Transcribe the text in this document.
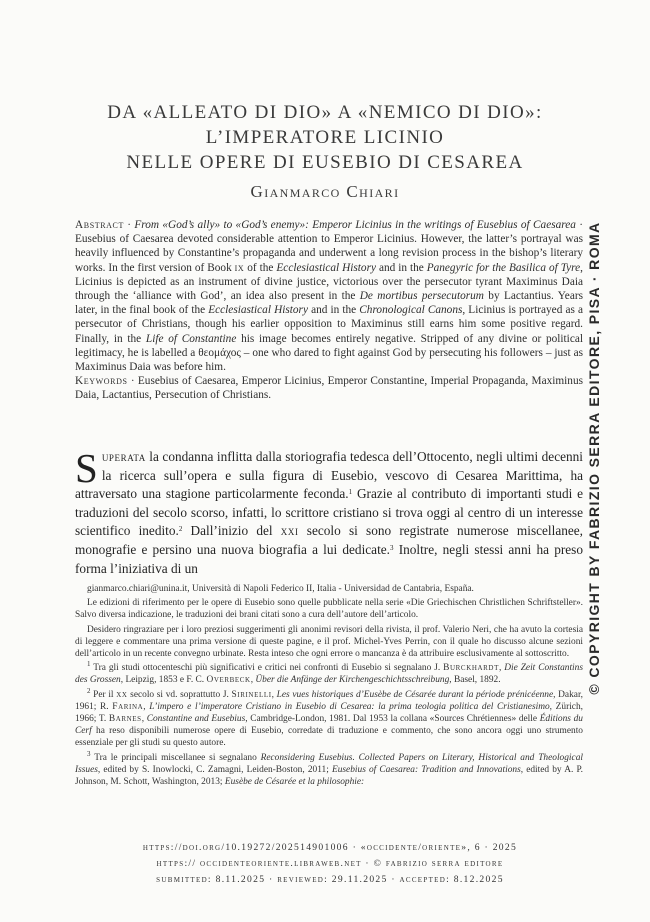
DA «ALLEATO DI DIO» A «NEMICO DI DIO»:
L’IMPERATORE LICINIO
NELLE OPERE DI EUSEBIO DI CESAREA
Gianmarco Chiari

Abstract · From «God’s ally» to «God’s enemy»: Emperor Licinius in the writings of Eusebius of Caesarea · Eusebius of Caesarea devoted considerable attention to Emperor Licinius. However, the latter’s portrayal was heavily influenced by Constantine’s propaganda and underwent a long revision process in the bishop’s literary works. In the first version of Book ix of the Ecclesiastical History and in the Panegyric for the Basilica of Tyre, Licinius is depicted as an instrument of divine justice, victorious over the persecutor tyrant Maximinus Daia through the ‘alliance with God’, an idea also present in the De mortibus persecutorum by Lactantius. Years later, in the final book of the Ecclesiastical History and in the Chronological Canons, Licinius is portrayed as a persecutor of Christians, though his earlier opposition to Maximinus still earns him some positive regard. Finally, in the Life of Constantine his image becomes entirely negative. Stripped of any divine or political legitimacy, he is labelled a θεομάχος – one who dared to fight against God by persecuting his followers – just as Maximinus Daia was before him.

Keywords · Eusebius of Caesarea, Emperor Licinius, Emperor Constantine, Imperial Propaganda, Maximinus Daia, Lactantius, Persecution of Christians.

Superata la condanna inflitta dalla storiografia tedesca dell’Ottocento, negli ultimi decenni la ricerca sull’opera e sulla figura di Eusebio, vescovo di Cesarea Marittima, ha attraversato una stagione particolarmente feconda.$^1$ Grazie al contributo di importanti studi e traduzioni del secolo scorso, infatti, lo scrittore cristiano si trova oggi al centro di un interesse scientifico inedito.$^2$ Dall’inizio del xxi secolo si sono registrate numerose miscellanee, monografie e persino una nuova biografia a lui dedicate.$^3$ Inoltre, negli stessi anni ha preso forma l’iniziativa di un

gianmarco.chiari@unina.it, Università di Napoli Federico II, Italia - Universidad de Cantabria, España.

Le edizioni di riferimento per le opere di Eusebio sono quelle pubblicate nella serie «Die Griechischen Christlichen Schriftsteller». Salvo diversa indicazione, le traduzioni dei brani citati sono a cura dell’autore dell’articolo.

Desidero ringraziare per i loro preziosi suggerimenti gli anonimi revisori della rivista, il prof. Valerio Neri, che ha avuto la cortesia di leggere e commentare una prima versione di queste pagine, e il prof. Michel-Yves Perrin, con il quale ho discusso alcune sezioni dell’articolo in un recente convegno urbinate. Resta inteso che ogni errore o mancanza è da attribuire esclusivamente al sottoscritto.

$^1$ Tra gli studi ottocenteschi più significativi e critici nei confronti di Eusebio si segnalano J. Burckhardt, Die Zeit Constantins des Grossen, Leipzig, 1853 e F. C. Overbeck, Über die Anfänge der Kirchengeschichtsschreibung, Basel, 1892.

$^2$ Per il xx secolo si vd. soprattutto J. Sirinelli, Les vues historiques d’Eusèbe de Césarée durant la période prénicéenne, Dakar, 1961; R. Farina, L’impero e l’imperatore Cristiano in Eusebio di Cesarea: la prima teologia politica del Cristianesimo, Zürich, 1966; T. Barnes, Constantine and Eusebius, Cambridge-London, 1981. Dal 1953 la collana «Sources Chrétiennes» delle Éditions du Cerf ha reso disponibili numerose opere di Eusebio, corredate di traduzione e commento, che sono ancora oggi uno strumento essenziale per gli studi su questo autore.

$^3$ Tra le principali miscellanee si segnalano Reconsidering Eusebius. Collected Papers on Literary, Historical and Theological Issues, edited by S. Inowlocki, C. Zamagni, Leiden-Boston, 2011; Eusebius of Caesarea: Tradition and Innovations, edited by A. P. Johnson, M. Schott, Washington, 2013; Eusèbe de Césarée et la philosophie:

https://doi.org/10.19272/202514901006 · «occidente/oriente», 6 · 2025
https:// occidenteoriente.libraweb.net · © fabrizio serra editore
submitted: 8.11.2025 · reviewed: 29.11.2025 · accepted: 8.12.2025
© COPYRIGHT BY FABRIZIO SERRA EDITORE, PISA · ROMA
